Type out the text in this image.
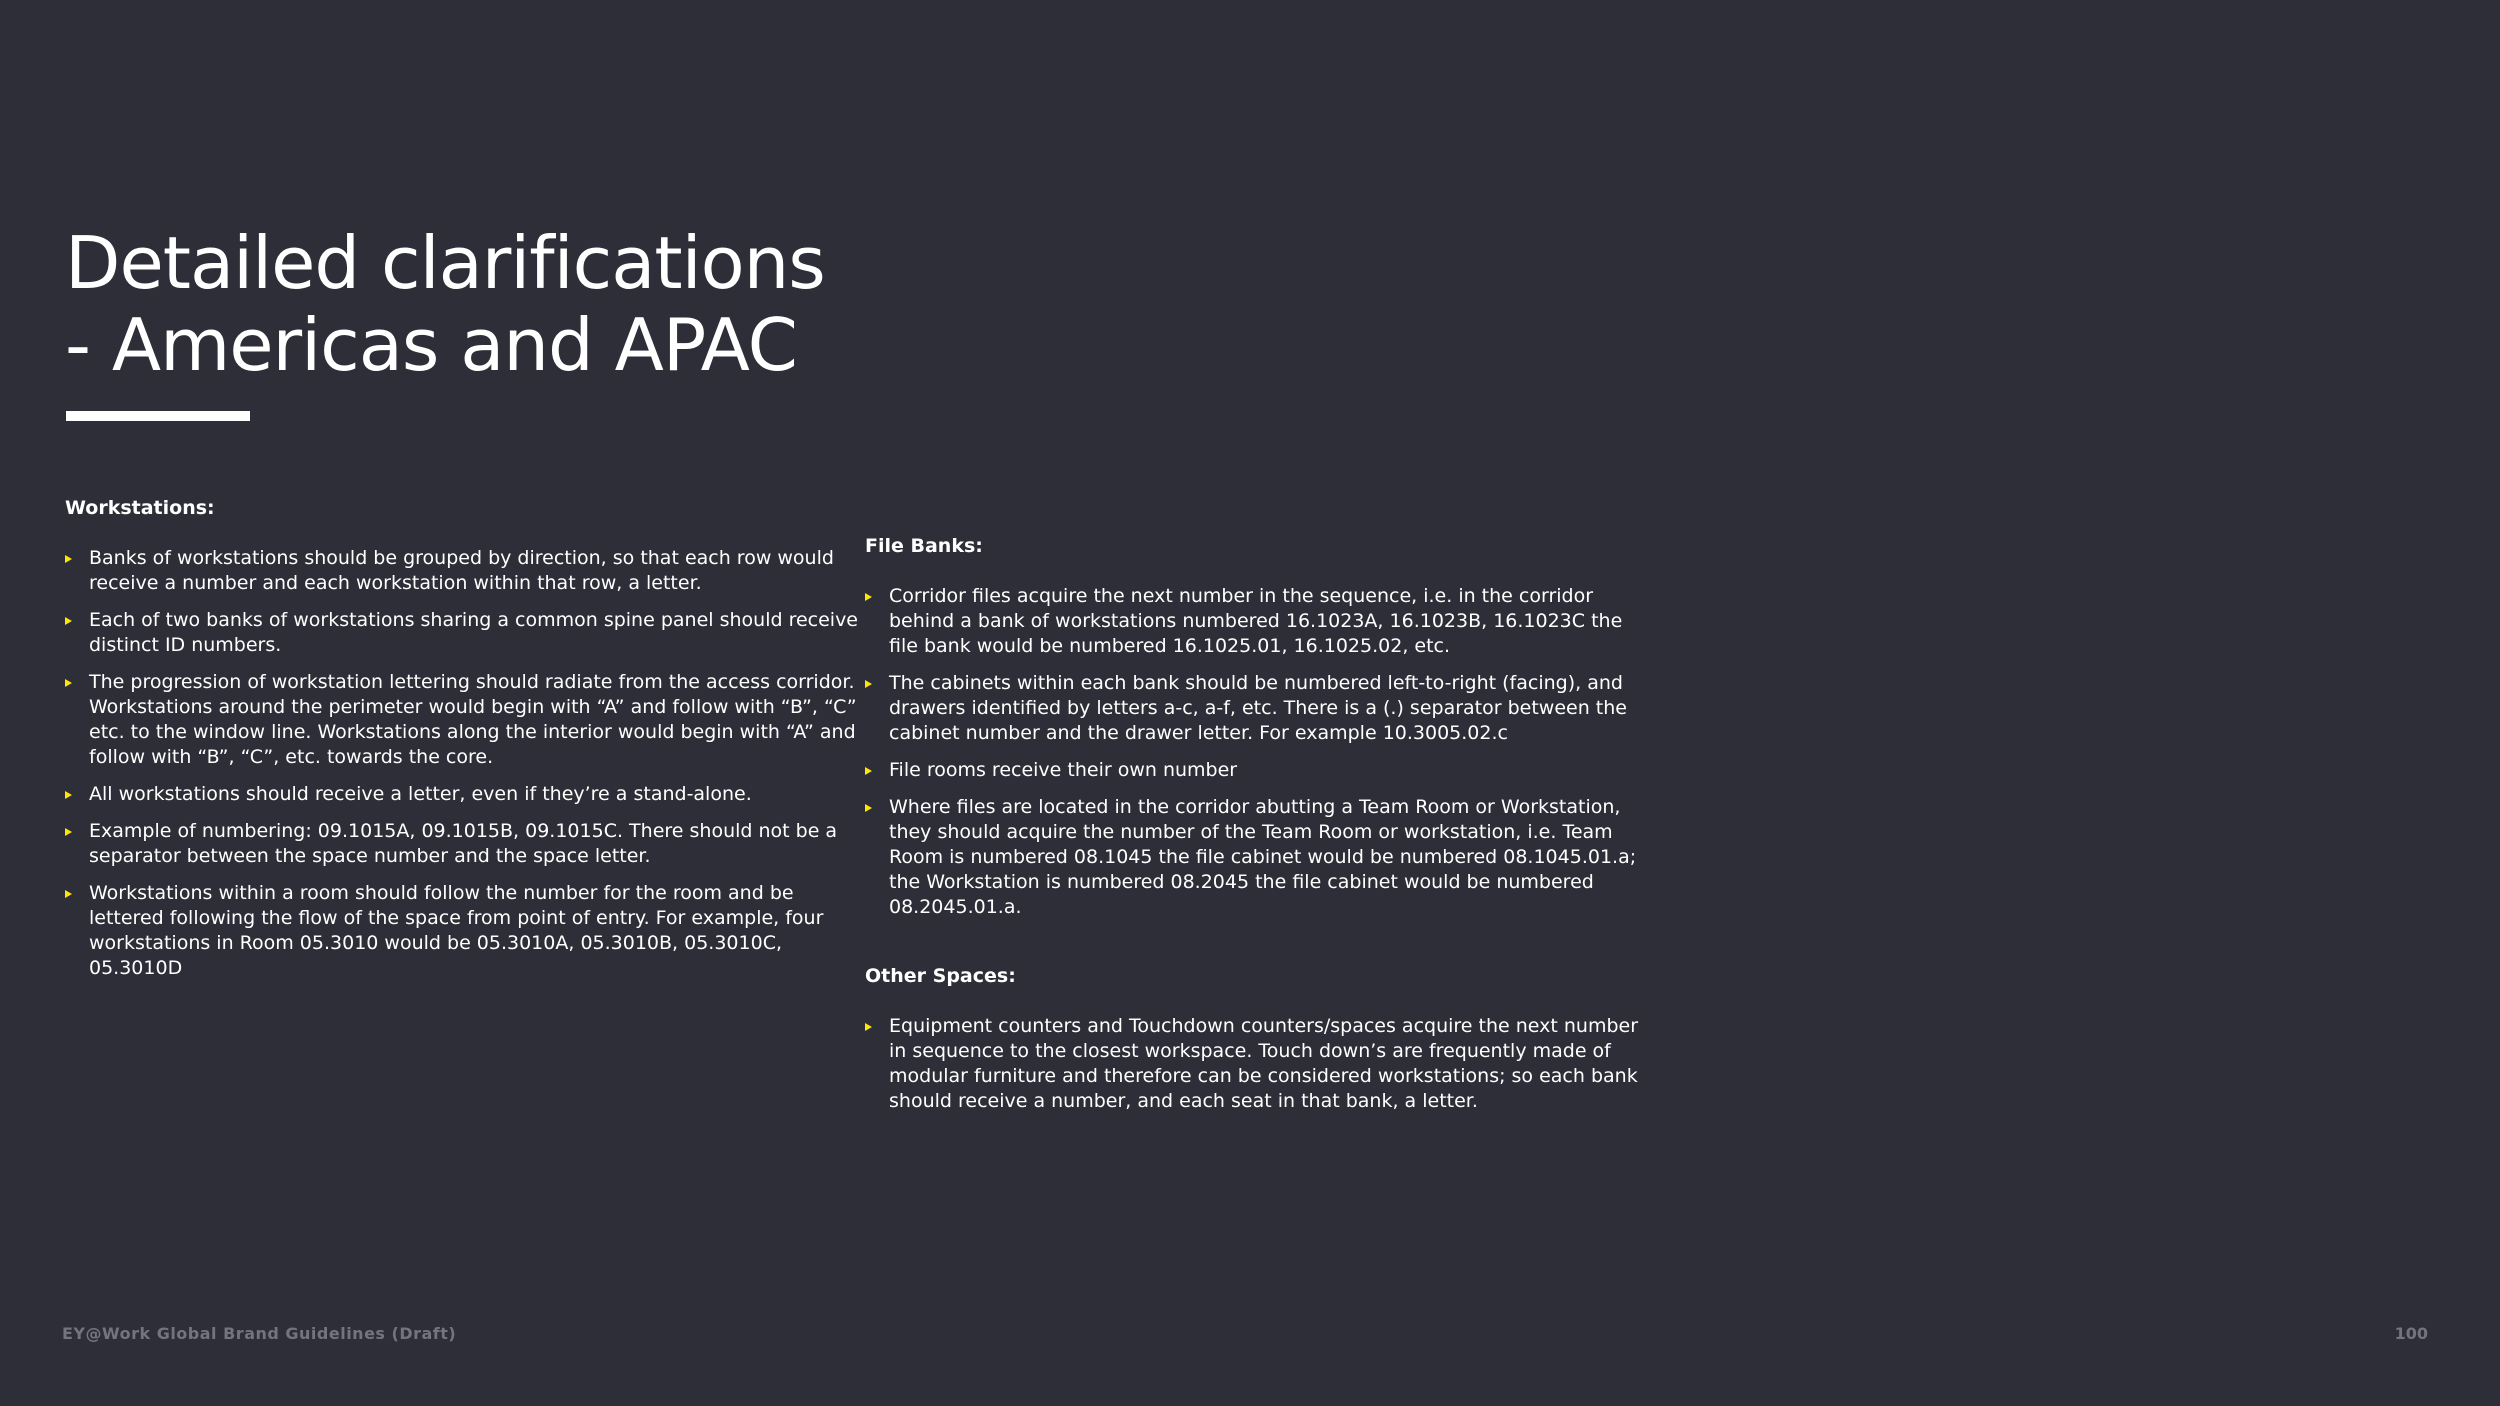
Detailed clarifications
- Americas and APAC
Workstations:
Banks of workstations should be grouped by direction, so that each row would receive a number and each workstation within that row, a letter.
Each of two banks of workstations sharing a common spine panel should receive distinct ID numbers.
The progression of workstation lettering should radiate from the access corridor. Workstations around the perimeter would begin with “A” and follow with “B”, “C” etc. to the window line. Workstations along the interior would begin with “A” and follow with “B”, “C”, etc. towards the core.
All workstations should receive a letter, even if they’re a stand-alone.
Example of numbering: 09.1015A, 09.1015B, 09.1015C. There should not be a separator between the space number and the space letter.
Workstations within a room should follow the number for the room and be lettered following the flow of the space from point of entry. For example, four workstations in Room 05.3010 would be 05.3010A, 05.3010B, 05.3010C, 05.3010D
File Banks:
Corridor files acquire the next number in the sequence, i.e. in the corridor behind a bank of workstations numbered 16.1023A, 16.1023B, 16.1023C the file bank would be numbered 16.1025.01, 16.1025.02, etc.
The cabinets within each bank should be numbered left-to-right (facing), and drawers identified by letters a-c, a-f, etc. There is a (.) separator between the cabinet number and the drawer letter. For example 10.3005.02.c
File rooms receive their own number
Where files are located in the corridor abutting a Team Room or Workstation, they should acquire the number of the Team Room or workstation, i.e. Team Room is numbered 08.1045 the file cabinet would be numbered 08.1045.01.a; the Workstation is numbered 08.2045 the file cabinet would be numbered 08.2045.01.a.
Other Spaces:
Equipment counters and Touchdown counters/spaces acquire the next number in sequence to the closest workspace. Touch down’s are frequently made of modular furniture and therefore can be considered workstations; so each bank should receive a number, and each seat in that bank, a letter.
EY@Work Global Brand Guidelines (Draft)	100
